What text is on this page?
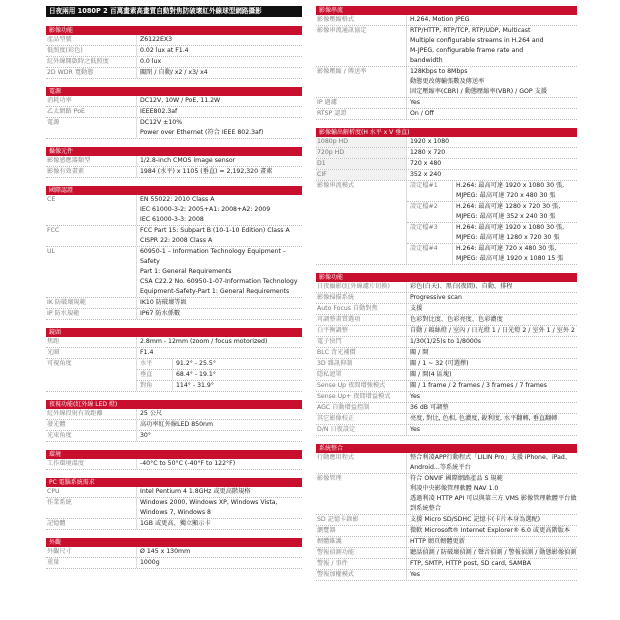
日夜兩用 1080P 2 百萬畫素高畫質自動對焦防破壞紅外線球型網路攝影
影像功能
產品型號	Z6122EX3
低照度(彩色)	0.02 lux at F1.4
紅外線開啟時之低照度	0.0 lux
2D WDR 寬動態	關閉 / 自動/ x2 / x3/ x4
電源
消耗功率	DC12V, 10W / PoE, 11.2W
乙太網路 PoE	IEEE802.3af
電源	DC12V ±10%
Power over Ethernet (符合 IEEE 802.3af)
攝像元件
影像感應器類型	1/2.8-inch CMOS image sensor
影像有效畫素	1984 (水平) x 1105 (垂直) = 2,192,320 畫素
國際認證
CE	EN 55022: 2010 Class A
IEC 61000-3-2: 2005+A1: 2008+A2: 2009
IEC 61000-3-3: 2008
FCC	FCC Part 15: Subpart B (10-1-10 Edition) Class A
CISPR 22: 2008 Class A
UL	60950-1 – Information Technology Equipment – Safety
Part 1: General Requirements
CSA C22.2 No. 60950-1-07-Information Technology
Equipment-Safety-Part 1: General Requirements
IK 防破壞規範	IK10 防破壞等級
IP 防水規範	IP67 防水係數
鏡頭
焦距	2.8mm - 12mm (zoom / focus motorized)
光圈	F1.4
可視角度	水平	91.2° - 25.5°
垂直	68.4° - 19.1°
對角	114° - 31.9°
夜視功能(紅外線 LED 燈)
紅外線投射有效距離	25 公尺
發光體	高功率紅外線LED 850nm
光束角度	30°
環境
工作環境溫度	-40°C to 50°C (-40°F to 122°F)
PC 電腦系統需求
CPU	Intel Pentium 4 1.8GHz 或更高階規格
作業系統	Windows 2000, Windows XP, Windows Vista, Windows 7, Windows 8
記憶體	1GB 或更高、獨立顯示卡
外觀
外觀尺寸	Ø 145 x 130mm
重量	1000g
影像串流
影像壓縮格式	H.264, Motion JPEG
影像串流通訊協定	RTP/HTTP, RTP/TCP, RTP/UDP, Multicast
Multiple configurable streams in H.264 and
M-JPEG, configurable frame rate and
bandwidth
影像壓縮 / 傳送率	128Kbps to 8Mbps
動態更改傳輸張數及傳送率
固定壓縮率(CBR) / 動態壓縮率(VBR) / GOP 支援
IP 過濾	Yes
RTSP 認證	On / Off
影像輸出解析度(H 水平 x V 垂直)
1080p HD	1920 x 1080
720p HD	1280 x 720
D1	720 x 480
CIF	352 x 240
影像串流模式	設定檔#1	H.264: 最高可達 1920 x 1080 30 張, MJPEG: 最高可達 720 x 480 30 張
設定檔#2	H.264: 最高可達 1280 x 720 30 張, MJPEG: 最高可達 352 x 240 30 張
設定檔#3	H.264: 最高可達 1920 x 1080 30 張, MJPEG: 最高可達 1280 x 720 30 張
設定檔#4	H.264: 最高可達 720 x 480 30 張, MJPEG: 最高可達 1920 x 1080 15 張
影像功能
日夜攝影(紅外線濾片切換)	彩色(白天)、黑白(夜間)、自動、排程
影像掃描系統	Progressive scan
Auto Focus 自動對焦	支援
可調整畫質選項	色彩對比度、色彩亮度、色彩濃度
白平衡調整	自動 / 鎢絲燈 / 室內 / 日光燈 1 / 日光燈 2 / 室外 1 / 室外 2
電子快門	1/30(1/25)s to 1/8000s
BLC 背光補償	關 / 開
3D 雜訊抑制	關 / 1 ~ 32 (可選擇)
隱私遮罩	關 / 開(4 區塊)
Sense Up 夜間增強模式	關 / 1 frame / 2 frames / 3 frames / 7 frames
Sense Up+ 夜間增益模式	Yes
AGC 自動增益控制	36 dB 可調整
其它影像校正	亮度, 對比, 色相, 色濃度, 銳利度, 水平翻轉, 垂直翻轉
D/N 日夜設定	Yes
系統整合
行動應用程式	整合利凌APP行動程式「LILIN Pro」支援 iPhone、iPad、Android...等系統平台
影像管理	符合 ONVIF 國際網路產品 S 規範
利凌中央影像管理軟體 NAV 1.0
透過利凌 HTTP API 可以與第三方 VMS 影像管理軟體平台做到系統整合
SD 記憶卡錄影	支援 Micro SD/SDHC 記憶卡(卡片本身為選配)
瀏覽器	微軟 Microsoft® Internet Explorer® 6.0 或更高階版本
韌體維護	HTTP 網頁韌體更新
警報偵測功能	聽話偵測 / 防破壞偵測 / 聲音偵測 / 警報偵測 / 動態影像偵測
警報 / 事件	FTP, SMTP, HTTP post, SD card, SAMBA
警報加權模式	Yes
